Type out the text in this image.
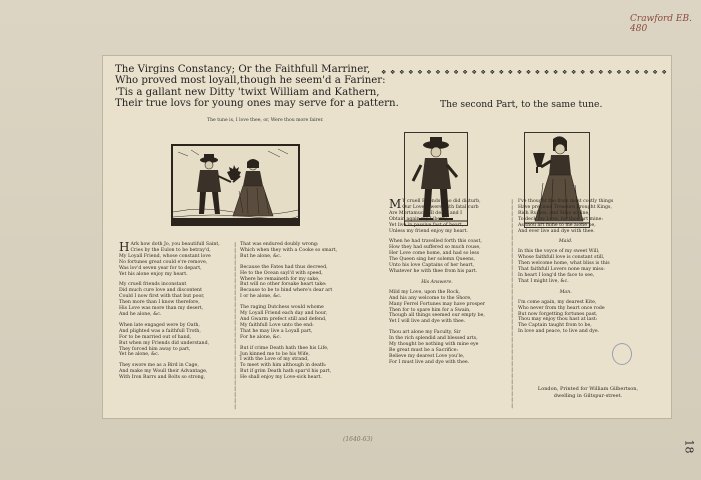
Crawford EB. 480
The Virgins Constancy; Or the Faithfull Marriner,
Who proved most loyall,though he seem'd a Fariner:
'Tis a gallant new Ditty 'twixt William and Kathern,
Their true lovs for young ones may serve for a pattern.
The tune is, I love thee, or, Were thou more fairer.
❖ ❖ ❖ ❖ ❖ ❖ ❖ ❖ ❖ ❖ ❖ ❖ ❖ ❖ ❖ ❖ ❖ ❖ ❖ ❖ ❖ ❖ ❖ ❖ ❖ ❖ ❖ ❖ ❖ ❖ ❖ ❖
The second Part, to the same tune.
H Ark how doth Jo, you beautifull Saint,
Cries by the Eulon to be betray'd,
My Loyall Friend, whose constant love
No fortunes great could e're remove,
Was lov'd seven year for to depart,
Yet his alone enjoy my heart.
My cruell friends inconstant
Did much cure love and discontent
Could I now first with that but poor,
Then more than I know therefore,
His Love was more than my desert,
And he alone, &c.
When late engaged were by Oath,
And plighted was a faithfull Troth,
For to be married out of hand,
But when my Friends did understand,
They forced him away to part,
Yet he alone, &c.
They swore me as a Bird in Cage,
And make my Woull their Advantage,
With Iron Barrs and Bolts so strong,
❘
❘
❘
❘
❘
❘
❘
❘
❘
❘
❘
❘
❘
❘
❘
❘
❘
❘
❘
❘
❘
❘
❘
❘
❘
❘
❘
❘
That was endured doubly wrong:
Which when they with a Cooke so smart,
But he alone, &c.
Because the Fates had thus decreed,
He to the Ocean sayl'd with speed,
Where he remaineth for my sake,
But will no other forsake heart take:
Because to be to bind where's dear art
I or he alone, &c.
The raging Dutchess would whome
My Loyall Friend each day and hour,
And Gwarm prefect still and defend,
My faithfull Love unto the end:
That he may live a Loyall part,
For he alone, &c.
But if crime Death hath thee his Life,
Jun kinned me to be his Wife,
I with the Love of my strand,
To meet with him although in death:
But if grim Death hath spar'd his part,
He shall enjoy my Love-sick heart.
M Y cruell Friends who did disturb,
Our Lovers were with fatal curb
Are Mortamuch all dead, and I
Obtain again my Liberty:
Yet live in passive fast of heart,
Unless my friend enjoy my heart.
When he had travelled forth this coast,
How they had suffered so much rouse,
Her Love come home, and had so less
The Queen sing her solemn Queens,
Unto his love Captains of her heart,
Whatever he with thee from his part.
His Answere.
Mild my Love, upon the Rock,
And his any welcome to the Shore,
Many Ferrel Fortunes may have prosper
Then for to spare him for a Swain,
Though all things seemed our empty be,
Yet I will live and dye with thee.
Thou art alone my Faculty, Sir
In the rich splendid and blessed arts,
My thought be nothing with mine eye
Be great must be a Sacrifice:
Believe my dearest Love you'le,
For I must live and dye with thee.
❘
❘
❘
❘
❘
❘
❘
❘
❘
❘
❘
❘
❘
❘
❘
❘
❘
❘
❘
❘
❘
❘
❘
❘
❘
❘
❘
❘
❘
❘
❘
❘
❘
❘
❘
I've thought the from most costly things
Have precious Treasure brought Kings,
Rich Rubies, and Silks so fine,
To deck my Love, for thou art mine:
As thou art mine to me alone be,
And ever live and dye with thee.
Maid.
In this the voyce of my sweet Will,
Whose faithfull love is constant still,
Then welcome home, what bliss is this
That faithfull Lovers none may miss:
In heart I long'd the face to see,
That I might live, &c.
Man.
I'm come again, my dearest Kite,
Who never from thy heart once rode
But now forgetting fortunes past,
Thou may enjoy thou hast at last:
The Captain taught from to be,
In love and peace, to live and dye.
London, Printed for William Gilbertson,
dwelling in Giltspur-street.
(1640-63)	18
